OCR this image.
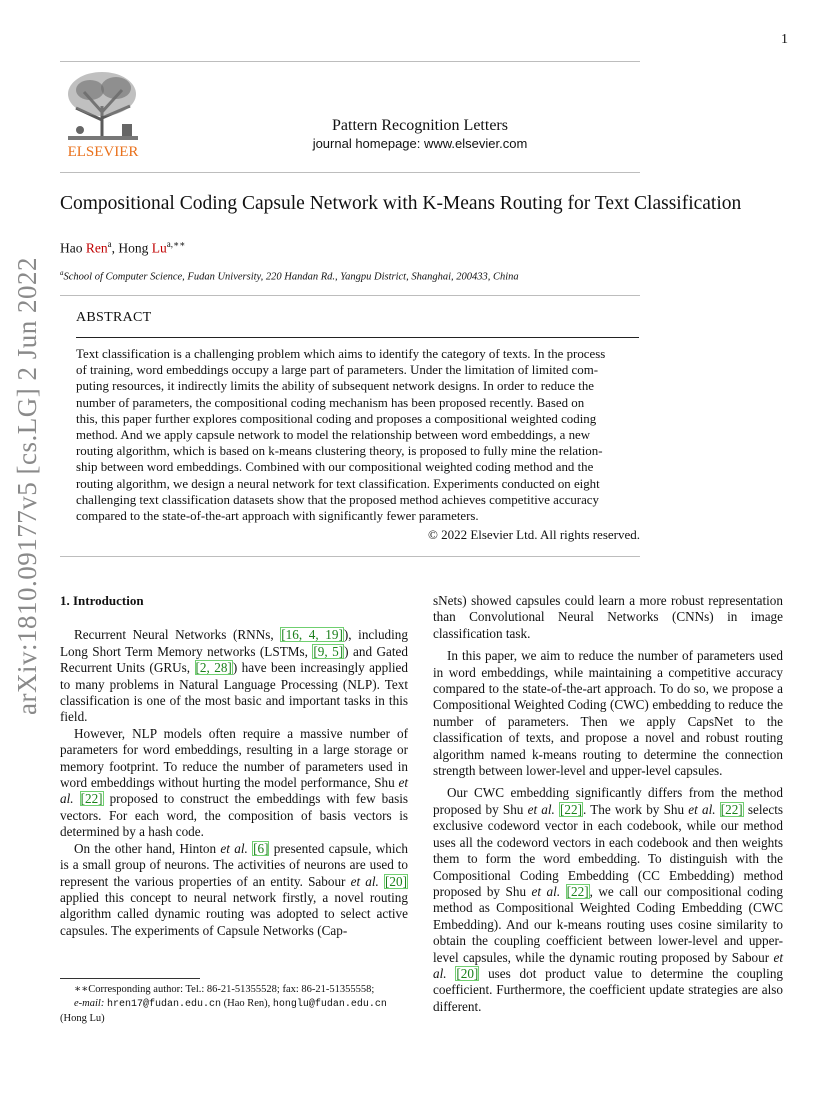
1
ELSEVIER
Pattern Recognition Letters
journal homepage: www.elsevier.com
Compositional Coding Capsule Network with K-Means Routing for Text Classification
Hao Ren$^a$, Hong $Lu^{a,∗∗}$
$^a$School of Computer Science, Fudan University, 220 Handan Rd., Yangpu District, Shanghai, 200433, China
ABSTRACT
Text classification is a challenging problem which aims to identify the category of texts. In the process
of training, word embeddings occupy a large part of parameters. Under the limitation of limited com-
puting resources, it indirectly limits the ability of subsequent network designs. In order to reduce the
number of parameters, the compositional coding mechanism has been proposed recently. Based on
this, this paper further explores compositional coding and proposes a compositional weighted coding
method. And we apply capsule network to model the relationship between word embeddings, a new
routing algorithm, which is based on k-means clustering theory, is proposed to fully mine the relation-
ship between word embeddings. Combined with our compositional weighted coding method and the
routing algorithm, we design a neural network for text classification. Experiments conducted on eight
challenging text classification datasets show that the proposed method achieves competitive accuracy
compared to the state-of-the-art approach with significantly fewer parameters.
© 2022 Elsevier Ltd. All rights reserved.
arXiv:1810.09177v5 [cs.LG] 2 Jun 2022 1. Introduction

Recurrent Neural Networks (RNNs, [16, 4, 19]), including Long Short Term Memory networks (LSTMs, [9, 5]) and Gated Recurrent Units (GRUs, [2, 28]) have been increasingly applied to many problems in Natural Language Processing (NLP). Text classification is one of the most basic and important tasks in this field.

However, NLP models often require a massive number of parameters for word embeddings, resulting in a large storage or memory footprint. To reduce the number of parameters used in word embeddings without hurting the model performance, Shu et al. [22] proposed to construct the embeddings with few basis vectors. For each word, the composition of basis vectors is determined by a hash code.

On the other hand, Hinton et al. [6] presented capsule, which is a small group of neurons. The activities of neurons are used to represent the various properties of an entity. Sabour et al. [20] applied this concept to neural network firstly, a novel routing algorithm called dynamic routing was adopted to select active capsules. The experiments of Capsule Networks (Cap-

∗∗Corresponding author: Tel.: 86-21-51355528; fax: 86-21-51355558;
e-mail: hren17@fudan.edu.cn (Hao Ren), honglu@fudan.edu.cn
(Hong Lu)

sNets) showed capsules could learn a more robust representation than Convolutional Neural Networks (CNNs) in image classification task.

In this paper, we aim to reduce the number of parameters used in word embeddings, while maintaining a competitive accuracy compared to the state-of-the-art approach. To do so, we propose a Compositional Weighted Coding (CWC) embedding to reduce the number of parameters. Then we apply CapsNet to the classification of texts, and propose a novel and robust routing algorithm named k-means routing to determine the connection strength between lower-level and upper-level capsules.

Our CWC embedding significantly differs from the method proposed by Shu et al. [22]. The work by Shu et al. [22] selects exclusive codeword vector in each codebook, while our method uses all the codeword vectors in each codebook and then weights them to form the word embedding. To distinguish with the Compositional Coding Embedding (CC Embedding) method proposed by Shu et al. [22], we call our compositional coding method as Compositional Weighted Coding Embedding (CWC Embedding). And our k-means routing uses cosine similarity to obtain the coupling coefficient between lower-level and upper-level capsules, while the dynamic routing proposed by Sabour et al. [20] uses dot product value to determine the coupling coefficient. Furthermore, the coefficient update strategies are also different.
